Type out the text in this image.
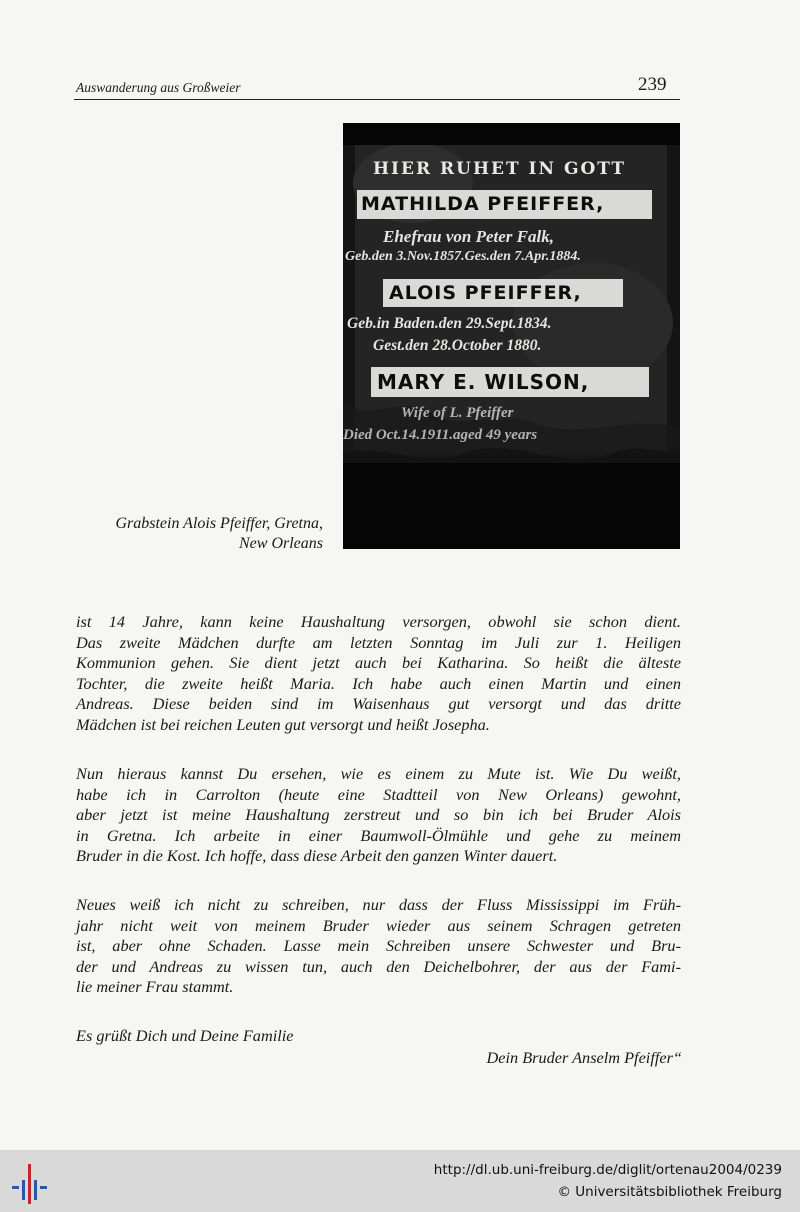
Auswanderung aus Großweier	239
HIER RUHET IN GOTT
MATHILDA PFEIFFER,
Ehefrau von Peter Falk,
Geb.den 3.Nov.1857.Ges.den 7.Apr.1884.
ALOIS PFEIFFER,
Geb.in Baden.den 29.Sept.1834.
Gest.den 28.October 1880.
MARY E. WILSON,
Wife of L. Pfeiffer
Died Oct.14.1911.aged 49 years
Grabstein Alois Pfeiffer, Gretna,
New Orleans

ist 14 Jahre, kann keine Haushaltung versorgen, obwohl sie schon dient.
Das zweite Mädchen durfte am letzten Sonntag im Juli zur 1. Heiligen
Kommunion gehen. Sie dient jetzt auch bei Katharina. So heißt die älteste
Tochter, die zweite heißt Maria. Ich habe auch einen Martin und einen
Andreas. Diese beiden sind im Waisenhaus gut versorgt und das dritte
Mädchen ist bei reichen Leuten gut versorgt und heißt Josepha.

Nun hieraus kannst Du ersehen, wie es einem zu Mute ist. Wie Du weißt,
habe ich in Carrolton (heute eine Stadtteil von New Orleans) gewohnt,
aber jetzt ist meine Haushaltung zerstreut und so bin ich bei Bruder Alois
in Gretna. Ich arbeite in einer Baumwoll-Ölmühle und gehe zu meinem
Bruder in die Kost. Ich hoffe, dass diese Arbeit den ganzen Winter dauert.

Neues weiß ich nicht zu schreiben, nur dass der Fluss Mississippi im Früh-
jahr nicht weit von meinem Bruder wieder aus seinem Schragen getreten
ist, aber ohne Schaden. Lasse mein Schreiben unsere Schwester und Bru-
der und Andreas zu wissen tun, auch den Deichelbohrer, der aus der Fami-
lie meiner Frau stammt.

Es grüßt Dich und Deine Familie
Dein Bruder Anselm Pfeiffer“
http://dl.ub.uni-freiburg.de/diglit/ortenau2004/0239
© Universitätsbibliothek Freiburg
